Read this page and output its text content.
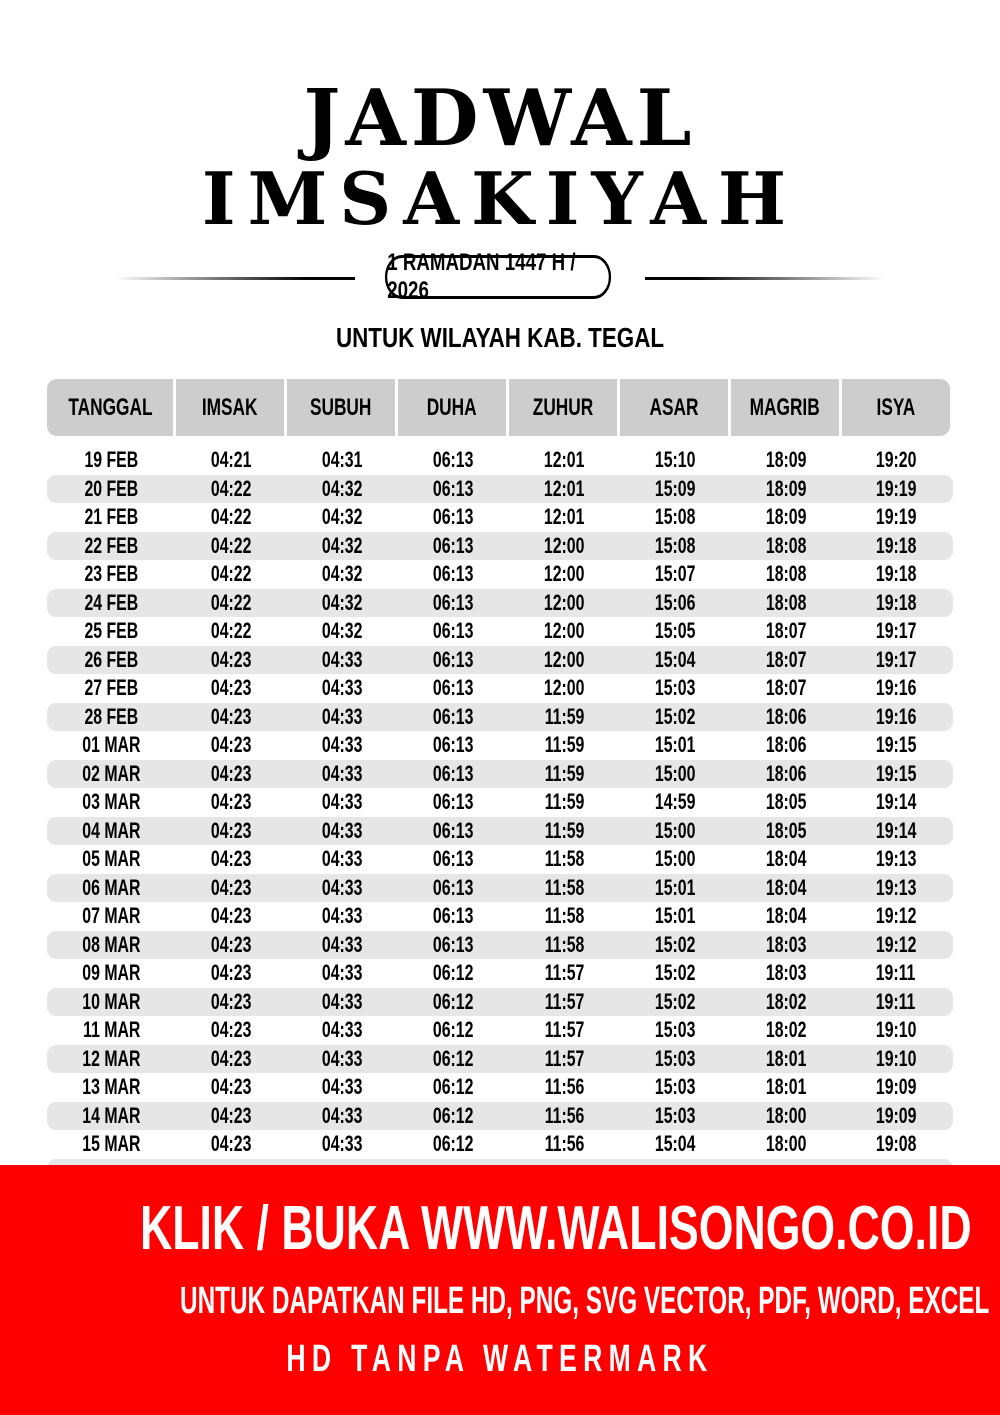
JADWAL
IMSAKIYAH
1 RAMADAN 1447 H / 2026
UNTUK WILAYAH KAB. TEGAL
TANGGAL IMSAK SUBUH DUHA ZUHUR ASAR MAGRIB ISYA
19 FEB	04:21	04:31	06:13	12:01	15:10	18:09	19:20
20 FEB	04:22	04:32	06:13	12:01	15:09	18:09	19:19
21 FEB	04:22	04:32	06:13	12:01	15:08	18:09	19:19
22 FEB	04:22	04:32	06:13	12:00	15:08	18:08	19:18
23 FEB	04:22	04:32	06:13	12:00	15:07	18:08	19:18
24 FEB	04:22	04:32	06:13	12:00	15:06	18:08	19:18
25 FEB	04:22	04:32	06:13	12:00	15:05	18:07	19:17
26 FEB	04:23	04:33	06:13	12:00	15:04	18:07	19:17
27 FEB	04:23	04:33	06:13	12:00	15:03	18:07	19:16
28 FEB	04:23	04:33	06:13	11:59	15:02	18:06	19:16
01 MAR	04:23	04:33	06:13	11:59	15:01	18:06	19:15
02 MAR	04:23	04:33	06:13	11:59	15:00	18:06	19:15
03 MAR	04:23	04:33	06:13	11:59	14:59	18:05	19:14
04 MAR	04:23	04:33	06:13	11:59	15:00	18:05	19:14
05 MAR	04:23	04:33	06:13	11:58	15:00	18:04	19:13
06 MAR	04:23	04:33	06:13	11:58	15:01	18:04	19:13
07 MAR	04:23	04:33	06:13	11:58	15:01	18:04	19:12
08 MAR	04:23	04:33	06:13	11:58	15:02	18:03	19:12
09 MAR	04:23	04:33	06:12	11:57	15:02	18:03	19:11
10 MAR	04:23	04:33	06:12	11:57	15:02	18:02	19:11
11 MAR	04:23	04:33	06:12	11:57	15:03	18:02	19:10
12 MAR	04:23	04:33	06:12	11:57	15:03	18:01	19:10
13 MAR	04:23	04:33	06:12	11:56	15:03	18:01	19:09
14 MAR	04:23	04:33	06:12	11:56	15:03	18:00	19:09
15 MAR	04:23	04:33	06:12	11:56	15:04	18:00	19:08
KLIK / BUKA WWW.WALISONGO.CO.ID
UNTUK DAPATKAN FILE HD, PNG, SVG VECTOR, PDF, WORD, EXCEL
HD TANPA WATERMARK
